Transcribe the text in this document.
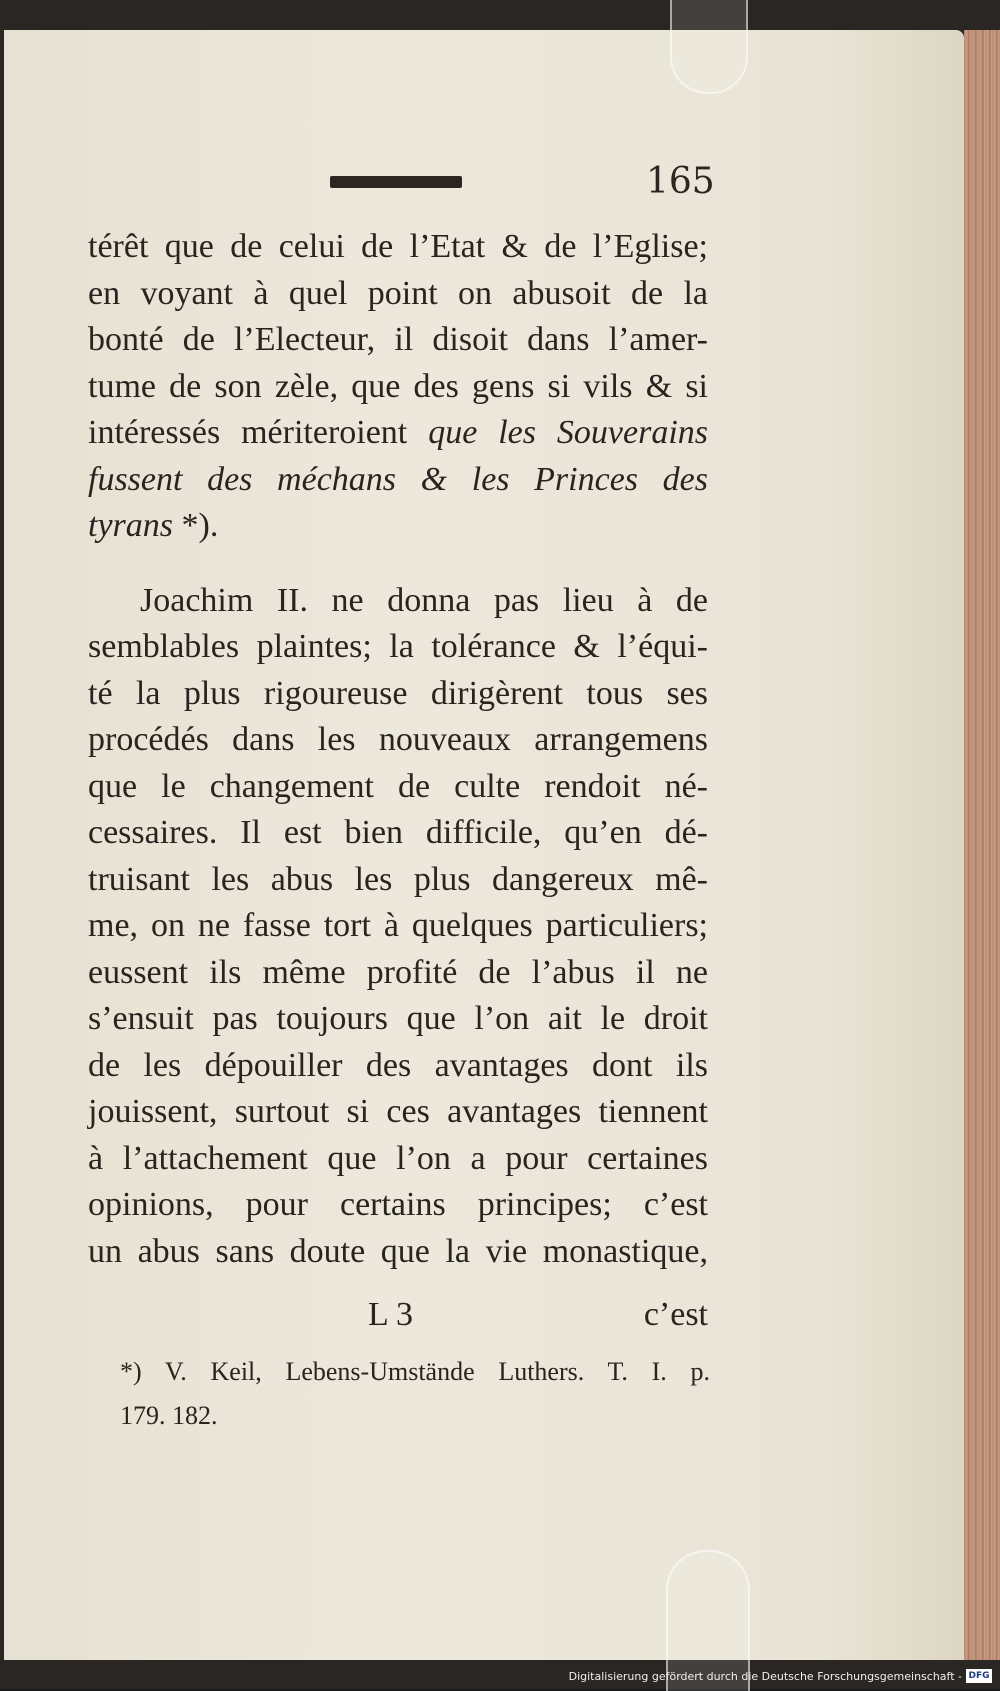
165
térêt que de celui de l’Etat & de l’Eglise;
en voyant à quel point on abusoit de la
bonté de l’Electeur, il disoit dans l’amer-
tume de son zèle, que des gens si vils & si
intéressés mériteroient que les Souverains
fussent des méchans & les Princes des
tyrans *).
Joachim II. ne donna pas lieu à de
semblables plaintes; la tolérance & l’équi-
té la plus rigoureuse dirigèrent tous ses
procédés dans les nouveaux arrangemens
que le changement de culte rendoit né-
cessaires. Il est bien difficile, qu’en dé-
truisant les abus les plus dangereux mê-
me, on ne fasse tort à quelques particuliers;
eussent ils même profité de l’abus il ne
s’ensuit pas toujours que l’on ait le droit
de les dépouiller des avantages dont ils
jouissent, surtout si ces avantages tiennent
à l’attachement que l’on a pour certaines
opinions, pour certains principes; c’est
un abus sans doute que la vie monastique,
L 3	c’est
*) V. Keil, Lebens-Umstände Luthers. T. I. p.
179. 182.
Digitalisierung gefördert durch die Deutsche Forschungsgemeinschaft - DFG
